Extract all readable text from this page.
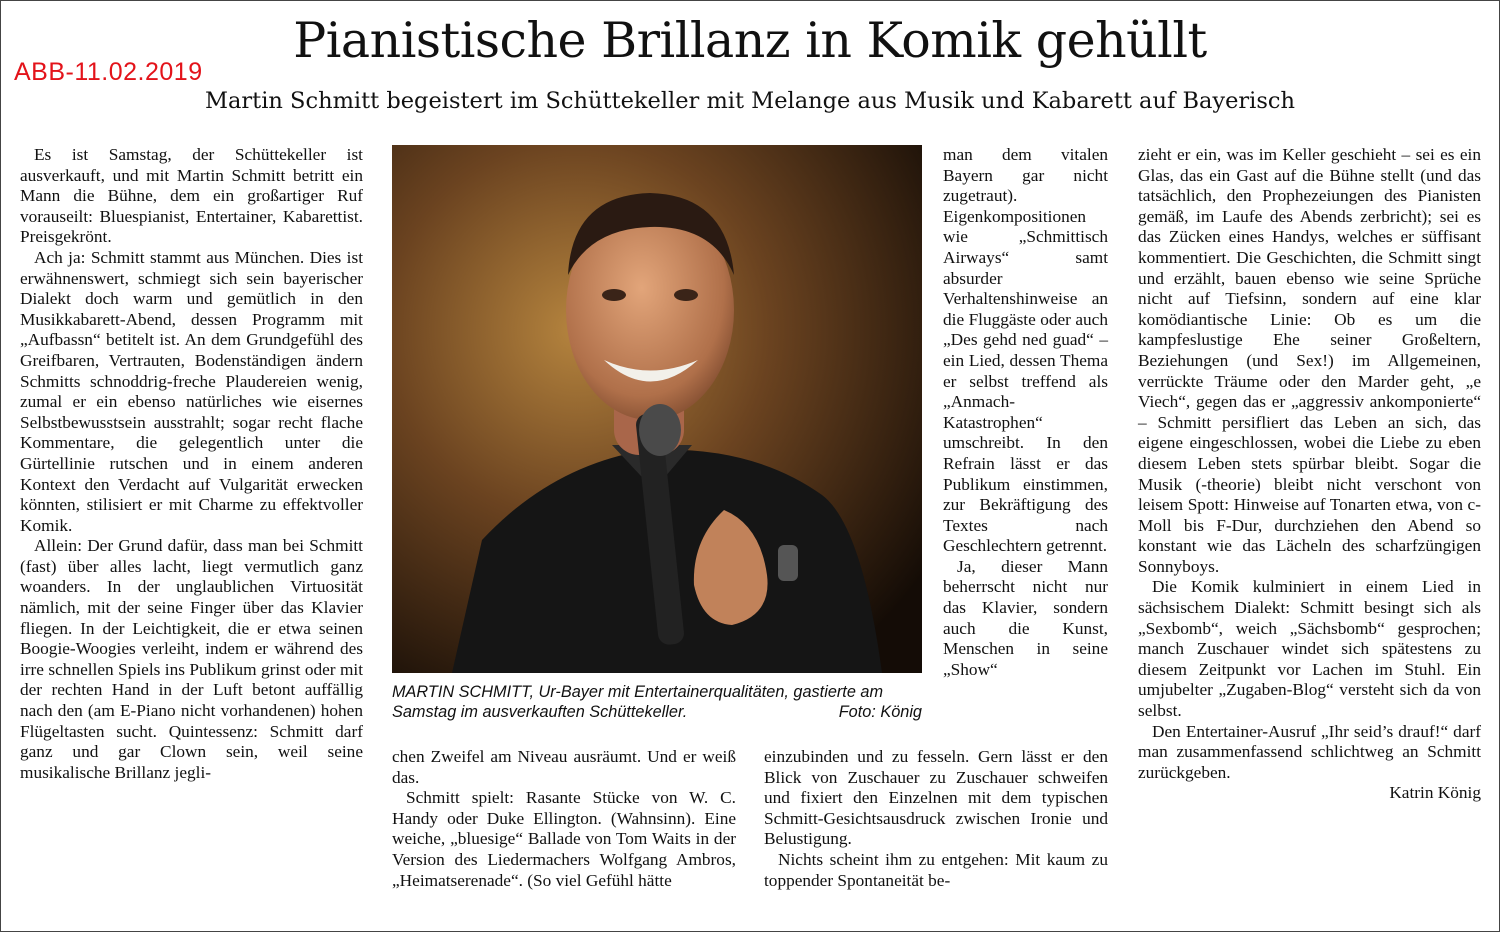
ABB-11.02.2019
Pianistische Brillanz in Komik gehüllt
Martin Schmitt begeistert im Schüttekeller mit Melange aus Musik und Kabarett auf Bayerisch

Es ist Samstag, der Schüttekeller ist ausverkauft, und mit Martin Schmitt betritt ein Mann die Bühne, dem ein großartiger Ruf vorauseilt: Bluespianist, Entertainer, Kabarettist. Preisgekrönt.

Ach ja: Schmitt stammt aus München. Dies ist erwähnenswert, schmiegt sich sein bayerischer Dialekt doch warm und gemütlich in den Musikkabarett-Abend, dessen Programm mit „Aufbassn“ betitelt ist. An dem Grundgefühl des Greifbaren, Vertrauten, Bodenständigen ändern Schmitts schnoddrig-freche Plaudereien wenig, zumal er ein ebenso natürliches wie eisernes Selbstbewusstsein ausstrahlt; sogar recht flache Kommentare, die gelegentlich unter die Gürtellinie rutschen und in einem anderen Kontext den Verdacht auf Vulgarität erwecken könnten, stilisiert er mit Charme zu effektvoller Komik.

Allein: Der Grund dafür, dass man bei Schmitt (fast) über alles lacht, liegt vermutlich ganz woanders. In der unglaublichen Virtuosität nämlich, mit der seine Finger über das Klavier fliegen. In der Leichtigkeit, die er etwa seinen Boogie-Woogies verleiht, indem er während des irre schnellen Spiels ins Publikum grinst oder mit der rechten Hand in der Luft betont auffällig nach den (am E-Piano nicht vorhandenen) hohen Flügeltasten sucht. Quintessenz: Schmitt darf ganz und gar Clown sein, weil seine musikalische Brillanz jegli-

MARTIN SCHMITT, Ur-Bayer mit Entertainerqualitäten, gastierte am Samstag im ausverkauften Schüttekeller.	Foto: König

chen Zweifel am Niveau ausräumt. Und er weiß das.

Schmitt spielt: Rasante Stücke von W. C. Handy oder Duke Ellington. (Wahnsinn). Eine weiche, „bluesige“ Ballade von Tom Waits in der Version des Liedermachers Wolfgang Ambros, „Heimatserenade“. (So viel Gefühl hätte

man dem vitalen Bayern gar nicht zugetraut). Eigenkompositionen wie „Schmittisch Airways“ samt absurder Verhaltenshinweise an die Fluggäste oder auch „Des gehd ned guad“ – ein Lied, dessen Thema er selbst treffend als „Anmach-Katastrophen“ umschreibt. In den Refrain lässt er das Publikum einstimmen, zur Bekräftigung des Textes nach Geschlechtern getrennt.

Ja, dieser Mann beherrscht nicht nur das Klavier, sondern auch die Kunst, Menschen in seine „Show“

einzubinden und zu fesseln. Gern lässt er den Blick von Zuschauer zu Zuschauer schweifen und fixiert den Einzelnen mit dem typischen Schmitt-Gesichtsausdruck zwischen Ironie und Belustigung.

Nichts scheint ihm zu entgehen: Mit kaum zu toppender Spontaneität be-

zieht er ein, was im Keller geschieht – sei es ein Glas, das ein Gast auf die Bühne stellt (und das tatsächlich, den Prophezeiungen des Pianisten gemäß, im Laufe des Abends zerbricht); sei es das Zücken eines Handys, welches er süffisant kommentiert. Die Geschichten, die Schmitt singt und erzählt, bauen ebenso wie seine Sprüche nicht auf Tiefsinn, sondern auf eine klar komödiantische Linie: Ob es um die kampfeslustige Ehe seiner Großeltern, Beziehungen (und Sex!) im Allgemeinen, verrückte Träume oder den Marder geht, „e Viech“, gegen das er „aggressiv ankomponierte“ – Schmitt persifliert das Leben an sich, das eigene eingeschlossen, wobei die Liebe zu eben diesem Leben stets spürbar bleibt. Sogar die Musik (-theorie) bleibt nicht verschont von leisem Spott: Hinweise auf Tonarten etwa, von c-Moll bis F-Dur, durchziehen den Abend so konstant wie das Lächeln des scharfzüngigen Sonnyboys.

Die Komik kulminiert in einem Lied in sächsischem Dialekt: Schmitt besingt sich als „Sexbomb“, weich „Sächsbomb“ gesprochen; manch Zuschauer windet sich spätestens zu diesem Zeitpunkt vor Lachen im Stuhl. Ein umjubelter „Zugaben-Blog“ versteht sich da von selbst.

Den Entertainer-Ausruf „Ihr seid’s drauf!“ darf man zusammenfassend schlichtweg an Schmitt zurückgeben.

Katrin König
